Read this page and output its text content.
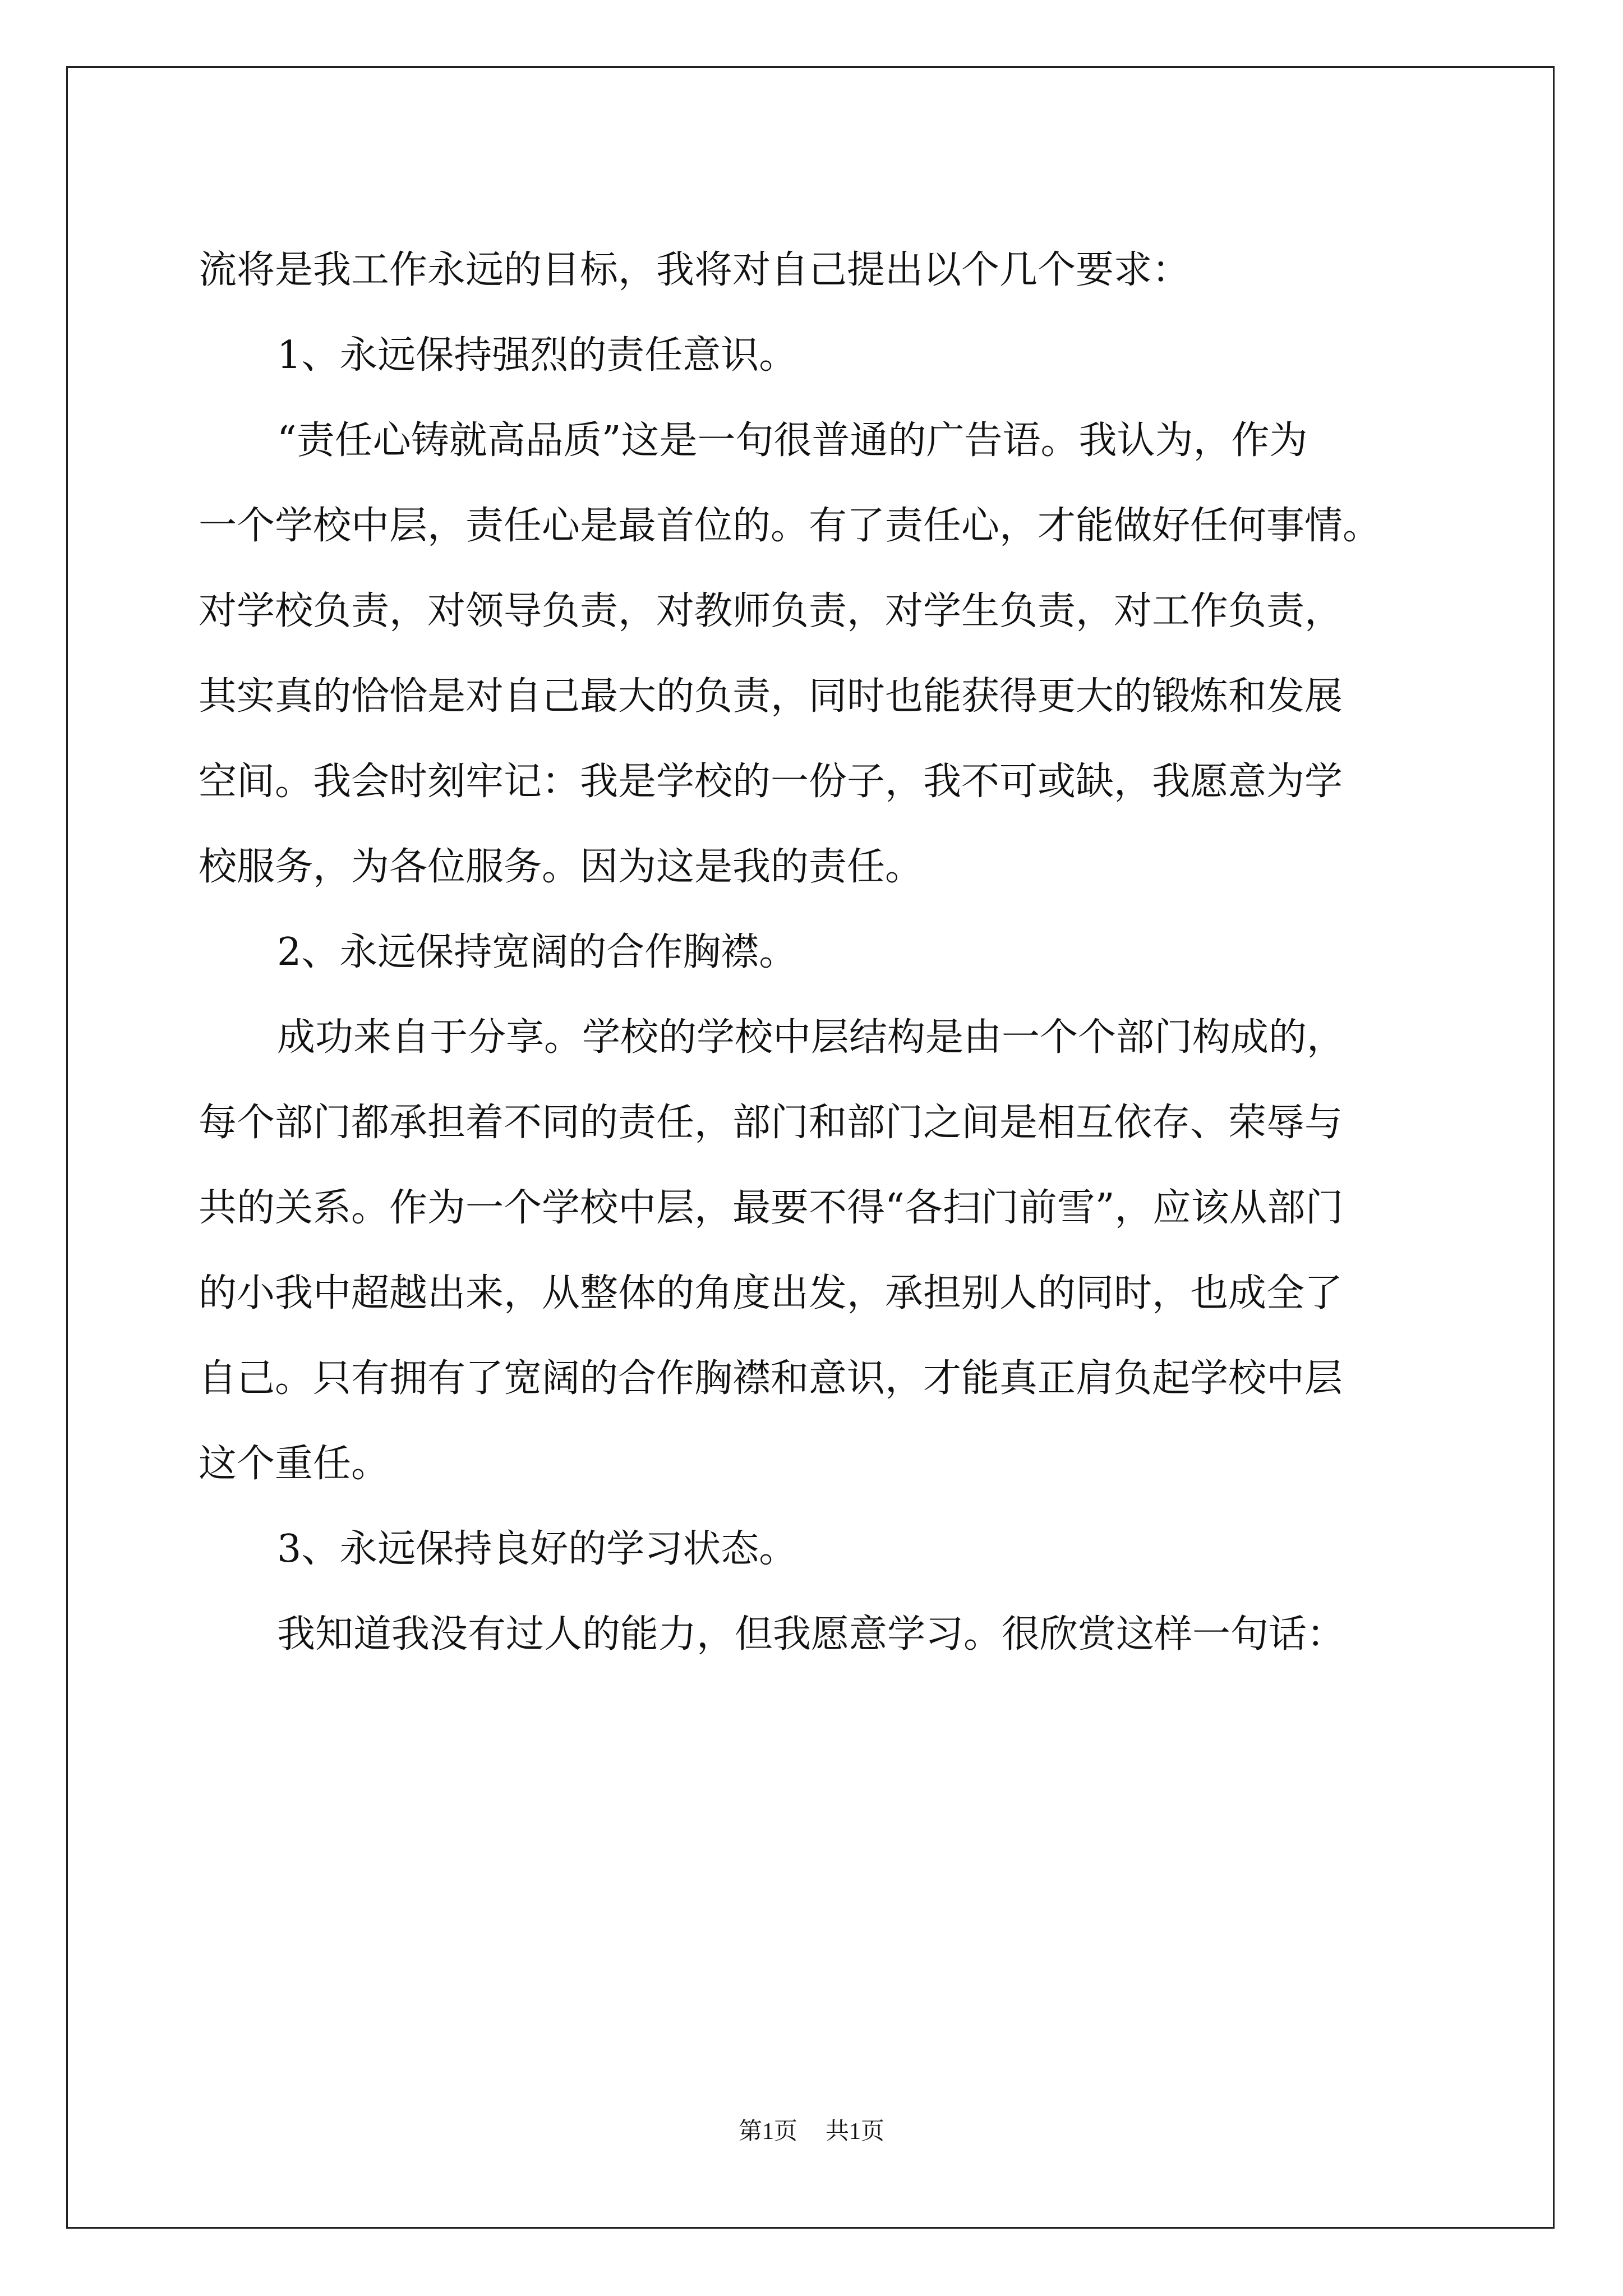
流将是我工作永远的目标，我将对自己提出以个几个要求：
1、永远保持强烈的责任意识。
“责任心铸就高品质”这是一句很普通的广告语。我认为，作为
一个学校中层，责任心是最首位的。有了责任心，才能做好任何事情。
对学校负责，对领导负责，对教师负责，对学生负责，对工作负责，
其实真的恰恰是对自己最大的负责，同时也能获得更大的锻炼和发展
空间。我会时刻牢记：我是学校的一份子，我不可或缺，我愿意为学
校服务，为各位服务。因为这是我的责任。
2、永远保持宽阔的合作胸襟。
成功来自于分享。学校的学校中层结构是由一个个部门构成的，
每个部门都承担着不同的责任，部门和部门之间是相互依存、荣辱与
共的关系。作为一个学校中层，最要不得“各扫门前雪”，应该从部门
的小我中超越出来，从整体的角度出发，承担别人的同时，也成全了
自己。只有拥有了宽阔的合作胸襟和意识，才能真正肩负起学校中层
这个重任。
3、永远保持良好的学习状态。
我知道我没有过人的能力，但我愿意学习。很欣赏这样一句话：
第1页 共1页
